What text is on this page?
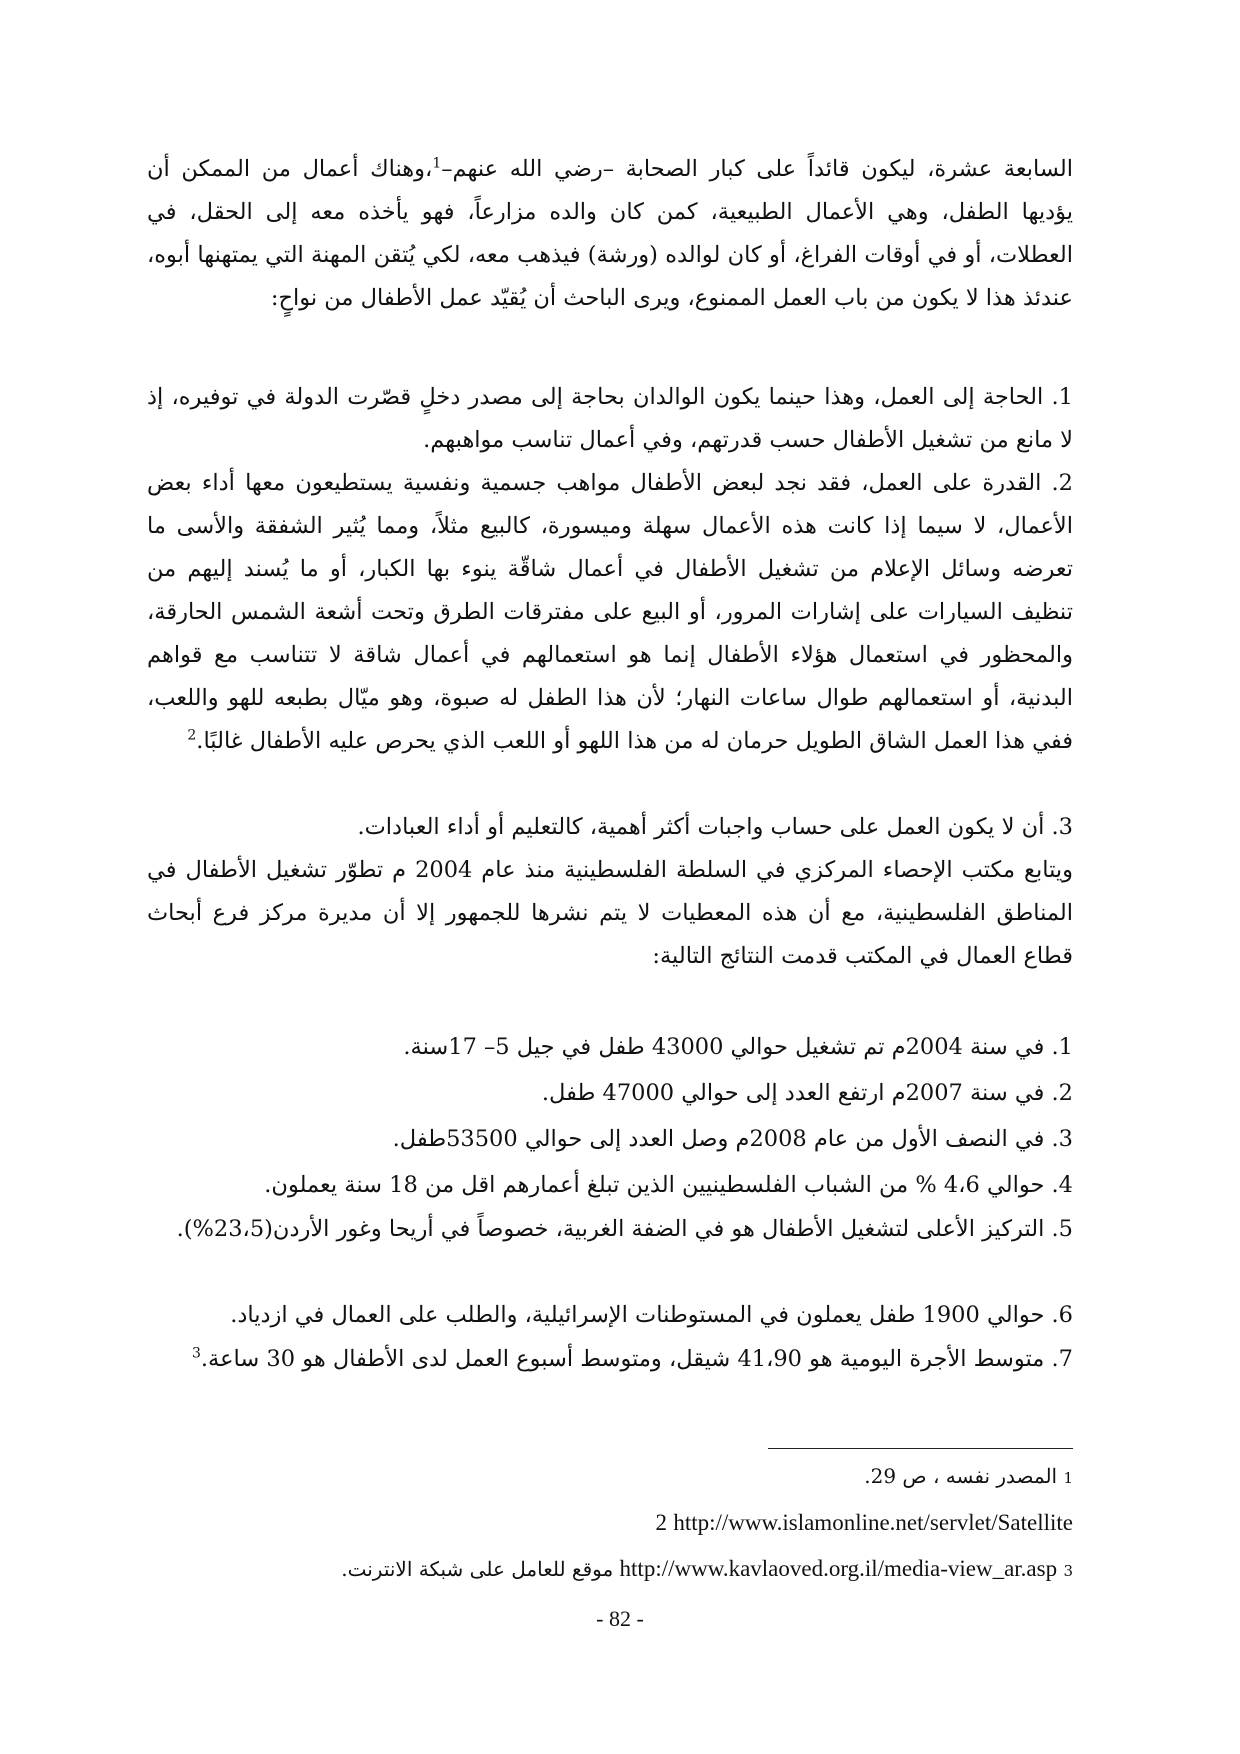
السابعة عشرة، ليكون قائداً على كبار الصحابة –رضي الله عنهم–$^1$،وهناك أعمال من الممكن أن يؤديها الطفل، وهي الأعمال الطبيعية، كمن كان والده مزارعاً، فهو يأخذه معه إلى الحقل، في العطلات، أو في أوقات الفراغ، أو كان لوالده (ورشة) فيذهب معه، لكي يُتقن المهنة التي يمتهنها أبوه، عندئذ هذا لا يكون من باب العمل الممنوع، ويرى الباحث أن يُقيّد عمل الأطفال من نواحٍ:

1. الحاجة إلى العمل، وهذا حينما يكون الوالدان بحاجة إلى مصدر دخلٍ قصّرت الدولة في توفيره، إذ لا مانع من تشغيل الأطفال حسب قدرتهم، وفي أعمال تناسب مواهبهم.

2. القدرة على العمل، فقد نجد لبعض الأطفال مواهب جسمية ونفسية يستطيعون معها أداء بعض الأعمال، لا سيما إذا كانت هذه الأعمال سهلة وميسورة، كالبيع مثلاً، ومما يُثير الشفقة والأسى ما تعرضه وسائل الإعلام من تشغيل الأطفال في أعمال شاقّة ينوء بها الكبار، أو ما يُسند إليهم من تنظيف السيارات على إشارات المرور، أو البيع على مفترقات الطرق وتحت أشعة الشمس الحارقة، والمحظور في استعمال هؤلاء الأطفال إنما هو استعمالهم في أعمال شاقة لا تتناسب مع قواهم البدنية، أو استعمالهم طوال ساعات النهار؛ لأن هذا الطفل له صبوة، وهو ميّال بطبعه للهو واللعب، ففي هذا العمل الشاق الطويل حرمان له من هذا اللهو أو اللعب الذي يحرص عليه الأطفال غالبًا.$^2$

3. أن لا يكون العمل على حساب واجبات أكثر أهمية، كالتعليم أو أداء العبادات.

ويتابع مكتب الإحصاء المركزي في السلطة الفلسطينية منذ عام 2004 م تطوّر تشغيل الأطفال في المناطق الفلسطينية، مع أن هذه المعطيات لا يتم نشرها للجمهور إلا أن مديرة مركز فرع أبحاث قطاع العمال في المكتب قدمت النتائج التالية:

1. في سنة 2004م تم تشغيل حوالي 43000 طفل في جيل 5– 17سنة.

2. في سنة 2007م ارتفع العدد إلى حوالي 47000 طفل.

3. في النصف الأول من عام 2008م وصل العدد إلى حوالي 53500طفل.

4. حوالي 4،6 % من الشباب الفلسطينيين الذين تبلغ أعمارهم اقل من 18 سنة يعملون.

5. التركيز الأعلى لتشغيل الأطفال هو في الضفة الغربية، خصوصاً في أريحا وغور الأردن(23،5%).

6. حوالي 1900 طفل يعملون في المستوطنات الإسرائيلية، والطلب على العمال في ازدياد.

7. متوسط الأجرة اليومية هو 41،90 شيقل، ومتوسط أسبوع العمل لدى الأطفال هو 30 ساعة.$^3$

1 المصدر نفسه ، ص 29.

2 http://www.islamonline.net/servlet/Satellite

3 http://www.kavlaoved.org.il/media-view_ar.asp موقع للعامل على شبكة الانترنت.

- 82 -
